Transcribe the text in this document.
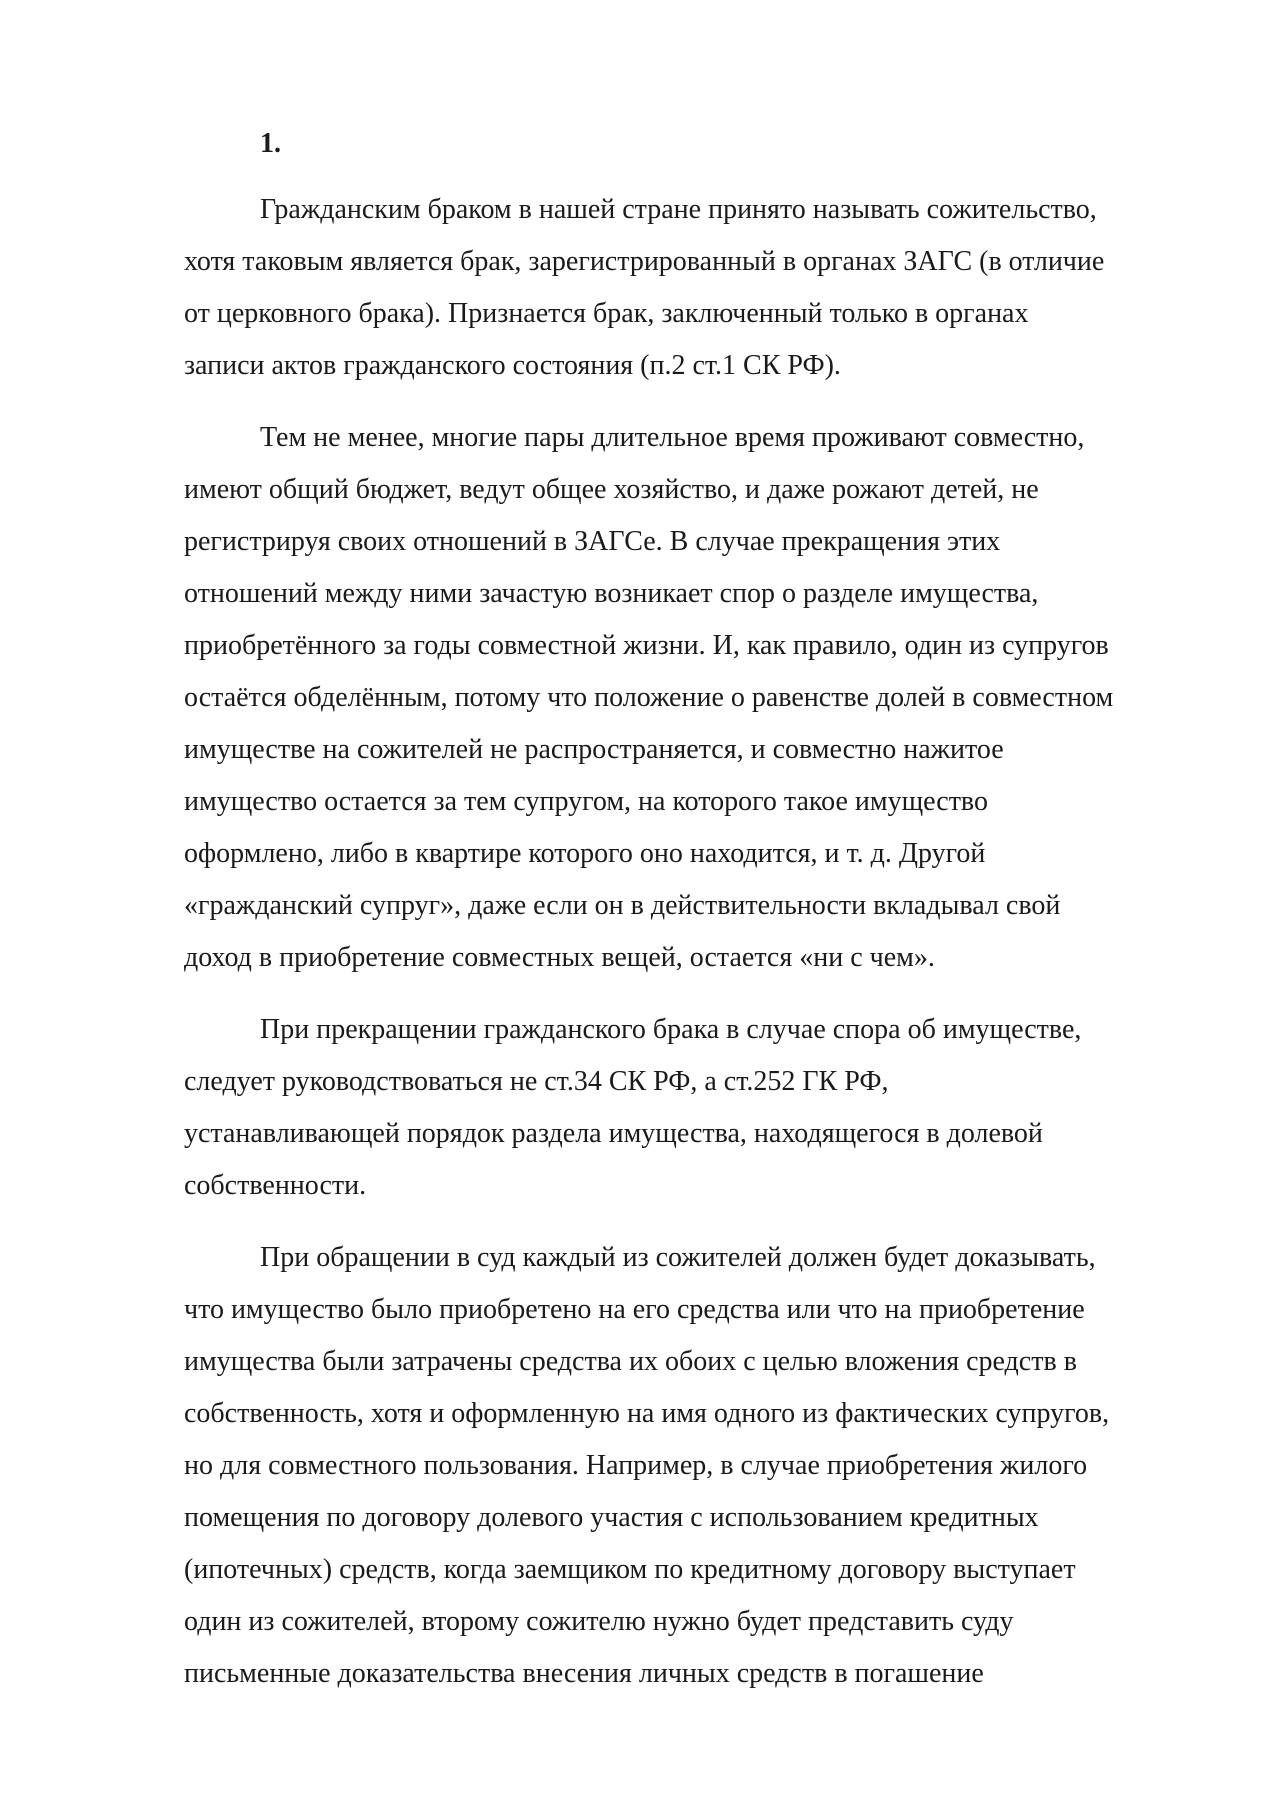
1.
Гражданским браком в нашей стране принято называть сожительство,
хотя таковым является брак, зарегистрированный в органах ЗАГС (в отличие
от церковного брака). Признается брак, заключенный только в органах
записи актов гражданского состояния (п.2 ст.1 СК РФ).
Тем не менее, многие пары длительное время проживают совместно,
имеют общий бюджет, ведут общее хозяйство, и даже рожают детей, не
регистрируя своих отношений в ЗАГСе. В случае прекращения этих
отношений между ними зачастую возникает спор о разделе имущества,
приобретённого за годы совместной жизни. И, как правило, один из супругов
остаётся обделённым, потому что положение о равенстве долей в совместном
имуществе на сожителей не распространяется, и совместно нажитое
имущество остается за тем супругом, на которого такое имущество
оформлено, либо в квартире которого оно находится, и т. д. Другой
«гражданский супруг», даже если он в действительности вкладывал свой
доход в приобретение совместных вещей, остается «ни с чем».
При прекращении гражданского брака в случае спора об имуществе,
следует руководствоваться не ст.34 СК РФ, а ст.252 ГК РФ,
устанавливающей порядок раздела имущества, находящегося в долевой
собственности.
При обращении в суд каждый из сожителей должен будет доказывать,
что имущество было приобретено на его средства или что на приобретение
имущества были затрачены средства их обоих с целью вложения средств в
собственность, хотя и оформленную на имя одного из фактических супругов,
но для совместного пользования. Например, в случае приобретения жилого
помещения по договору долевого участия с использованием кредитных
(ипотечных) средств, когда заемщиком по кредитному договору выступает
один из сожителей, второму сожителю нужно будет представить суду
письменные доказательства внесения личных средств в погашение
